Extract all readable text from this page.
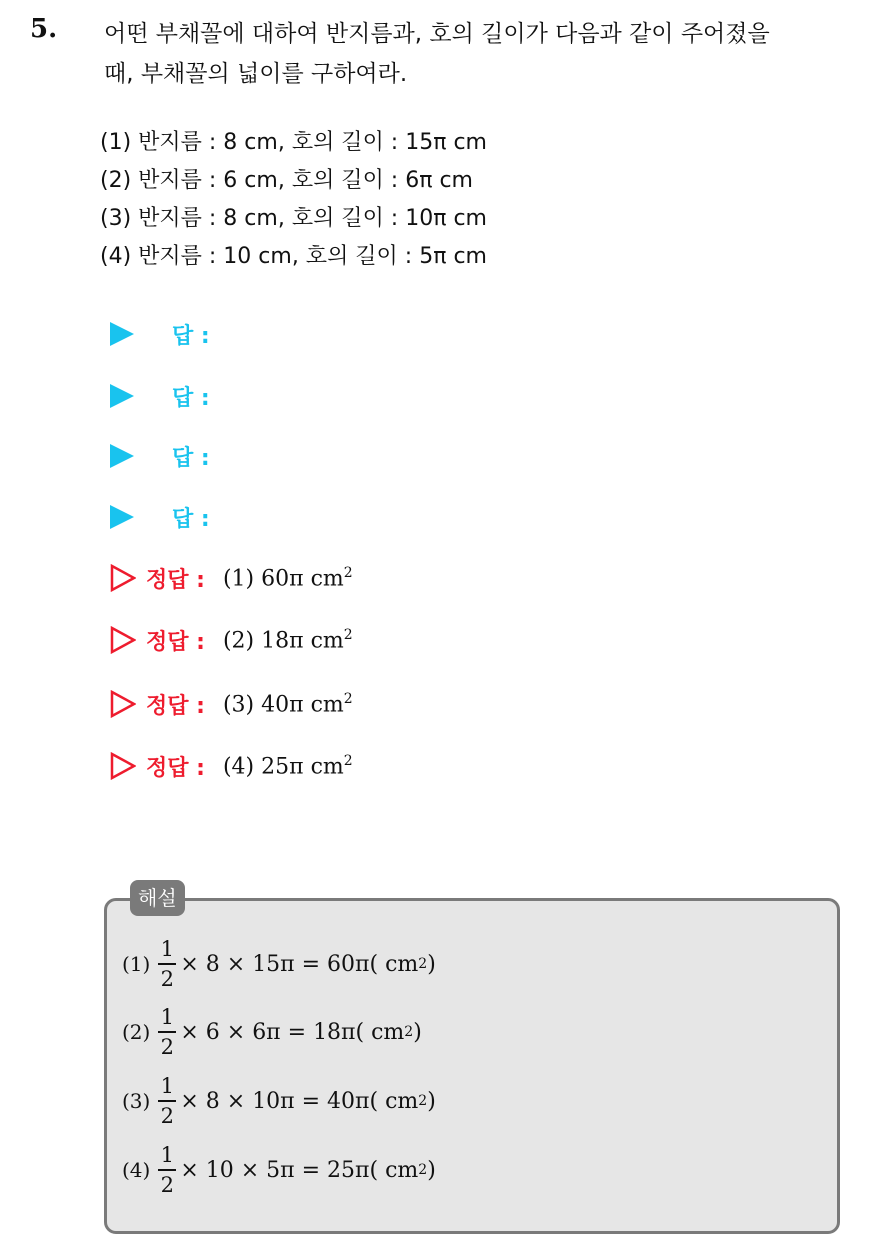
5. 어떤 부채꼴에 대하여 반지름과, 호의 길이가 다음과 같이 주어졌을
때, 부채꼴의 넓이를 구하여라.
(1) 반지름 : 8 cm, 호의 길이 : 15π cm
(2) 반지름 : 6 cm, 호의 길이 : 6π cm
(3) 반지름 : 8 cm, 호의 길이 : 10π cm
(4) 반지름 : 10 cm, 호의 길이 : 5π cm
답 :
답 :
답 :
답 :
정답 : (1) 60π $cm^2$
정답 : (2) 18π $cm^2$
정답 : (3) 40π $cm^2$
정답 : (4) 25π $cm^2$
해설
$(1) \frac{1}{2} \times 8 \times 15\pi = 60\pi$( cm 2 )
$(2) \frac{1}{2} \times 6 \times 6\pi = 18\pi$( cm 2 )
$(3) \frac{1}{2} \times 8 \times 10\pi = 40\pi$( cm 2 )
$(4) \frac{1}{2} \times 10 \times 5\pi = 25\pi$( cm 2 )
